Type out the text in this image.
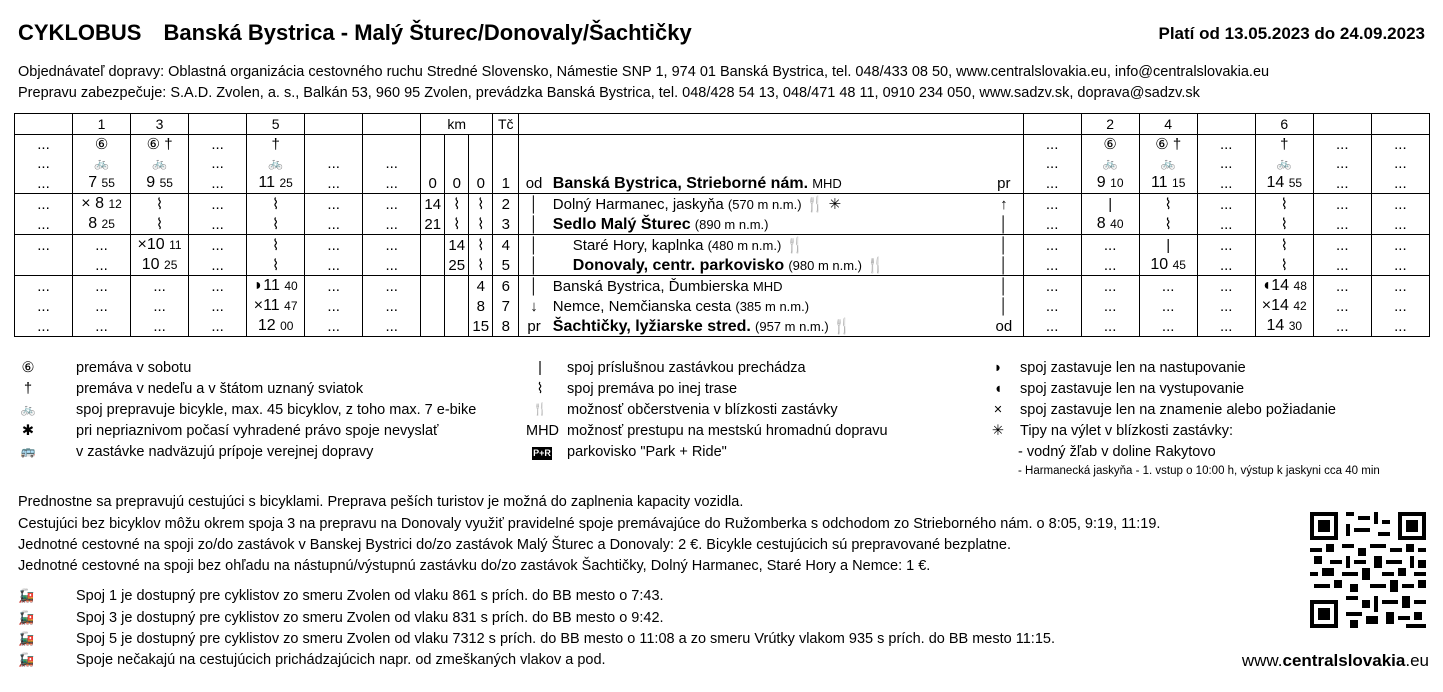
CYKLOBUS Banská Bystrica - Malý Šturec/Donovaly/Šachtičky	Platí od 13.05.2023 do 24.09.2023
Objednávateľ dopravy: Oblastná organizácia cestovného ruchu Stredné Slovensko, Námestie SNP 1, 974 01 Banská Bystrica, tel. 048/433 08 50, www.centralslovakia.eu, info@centralslovakia.eu
Prepravu zabezpečuje: S.A.D. Zvolen, a. s., Balkán 53, 960 95 Zvolen, prevádzka Banská Bystrica, tel. 048/428 54 13, 048/471 48 11, 0910 234 050, www.sadzv.sk, doprava@sadzv.sk
	1	3		5			km			Tč					2	4		6		
...	⑥	⑥ †	...	†										...	⑥	⑥ †	...	†	...	...
...	🚲	🚲	...	🚲	...	...								...	🚲	🚲	...	🚲	...	...
...	7 55	9 55	...	11 25	...	...	0	0	0	1	od	Banská Bystrica, Strieborné nám. MHD	pr	...	9 10	11 15	...	14 55	...	...
...	× 8 12	⌇	...	⌇	...	...	14	⌇	⌇	2	│	Dolný Harmanec, jaskyňa (570 m n.m.) 🍴 ✳	↑	...	|	⌇	...	⌇	...	...
...	8 25	⌇	...	⌇	...	...	21	⌇	⌇	3	│	Sedlo Malý Šturec (890 m n.m.)	│	...	8 40	⌇	...	⌇	...	...
...	...	×10 11	...	⌇	...	...		14	⌇	4	│	Staré Hory, kaplnka (480 m n.m.) 🍴	│	...	...	|	...	⌇	...	...
	...	10 25	...	⌇	...	...		25	⌇	5	│	Donovaly, centr. parkovisko (980 m n.m.) 🍴	│	...	...	10 45	...	⌇	...	...
...	...	...	...	◗11 40	...	...			4	6	│	Banská Bystrica, Ďumbierska MHD	│	...	...	...	...	◖14 48	...	...
...	...	...	...	×11 47	...	...			8	7	↓	Nemce, Nemčianska cesta (385 m n.m.)	│	...	...	...	...	×14 42	...	...
...	...	...	...	12 00	...	...			15	8	pr	Šachtičky, lyžiarske stred. (957 m n.m.) 🍴	od	...	...	...	...	14 30	...	...
⑥	premáva v sobotu
†	premáva v nedeľu a v štátom uznaný sviatok
🚲	spoj prepravuje bicykle, max. 45 bicyklov, z toho max. 7 e-bike
✱	pri nepriaznivom počasí vyhradené právo spoje nevyslať
🚌	v zastávke nadväzujú prípoje verejnej dopravy
|	spoj príslušnou zastávkou prechádza
⌇	spoj premáva po inej trase
🍴	možnosť občerstvenia v blízkosti zastávky
MHD možnosť prestupu na mestskú hromadnú dopravu
P+R parkovisko "Park + Ride"
◗	spoj zastavuje len na nastupovanie
◖	spoj zastavuje len na vystupovanie
×	spoj zastavuje len na znamenie alebo požiadanie
✳	Tipy na výlet v blízkosti zastávky:
- vodný žľab v doline Rakytovo
- Harmanecká jaskyňa - 1. vstup o 10:00 h, výstup k jaskyni cca 40 min
Prednostne sa prepravujú cestujúci s bicyklami. Preprava peších turistov je možná do zaplnenia kapacity vozidla.
Cestujúci bez bicyklov môžu okrem spoja 3 na prepravu na Donovaly využiť pravidelné spoje premávajúce do Ružomberka s odchodom zo Strieborného nám. o 8:05, 9:19, 11:19.
Jednotné cestovné na spoji zo/do zastávok v Banskej Bystrici do/zo zastávok Malý Šturec a Donovaly: 2 €. Bicykle cestujúcich sú prepravované bezplatne.
Jednotné cestovné na spoji bez ohľadu na nástupnú/výstupnú zastávku do/zo zastávok Šachtičky, Dolný Harmanec, Staré Hory a Nemce: 1 €.
🚂	Spoj 1 je dostupný pre cyklistov zo smeru Zvolen od vlaku 861 s prích. do BB mesto o 7:43.
🚂	Spoj 3 je dostupný pre cyklistov zo smeru Zvolen od vlaku 831 s prích. do BB mesto o 9:42.
🚂	Spoj 5 je dostupný pre cyklistov zo smeru Zvolen od vlaku 7312 s prích. do BB mesto o 11:08 a zo smeru Vrútky vlakom 935 s prích. do BB mesto 11:15.
🚂	Spoje nečakajú na cestujúcich prichádzajúcich napr. od zmeškaných vlakov a pod.	www.centralslovakia.eu
